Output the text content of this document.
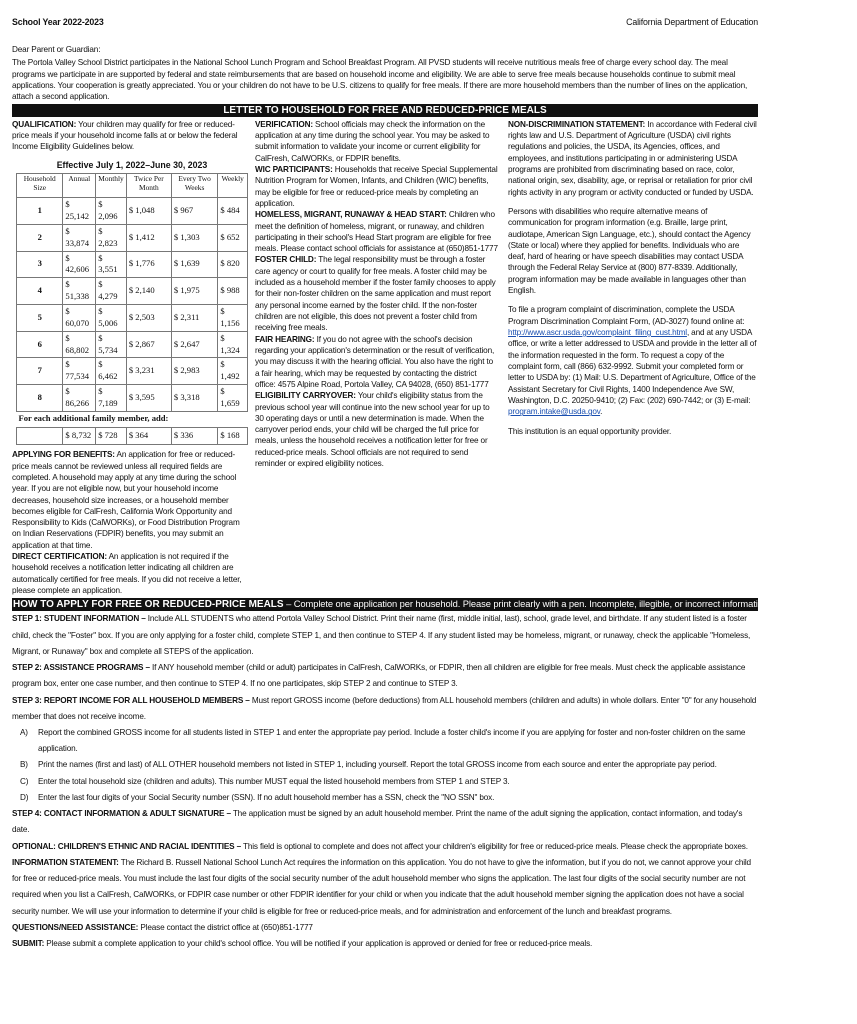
School Year 2022-2023	California Department of Education

Dear Parent or Guardian:

The Portola Valley School District participates in the National School Lunch Program and School Breakfast Program. All PVSD students will receive nutritious meals free of charge every school day. The meal programs we participate in are supported by federal and state reimbursements that are based on household income and eligibility. We are able to serve free meals because households continue to submit meal applications. Your cooperation is greatly appreciated. You or your children do not have to be U.S. citizens to qualify for free meals. If there are more household members than the number of lines on the application, attach a second application.

LETTER TO HOUSEHOLD FOR FREE AND REDUCED-PRICE MEALS

QUALIFICATION: Your children may qualify for free or reduced-price meals if your household income falls at or below the federal Income Eligibility Guidelines below.

Effective July 1, 2022–June 30, 2023					
Household Size	Annual	Monthly	Twice Per Month	Every Two Weeks	Weekly
1	$ 25,142	$ 2,096	$ 1,048	$ 967	$ 484
2	$ 33,874	$ 2,823	$ 1,412	$ 1,303	$ 652
3	$ 42,606	$ 3,551	$ 1,776	$ 1,639	$ 820
4	$ 51,338	$ 4,279	$ 2,140	$ 1,975	$ 988
5	$ 60,070	$ 5,006	$ 2,503	$ 2,311	$ 1,156
6	$ 68,802	$ 5,734	$ 2,867	$ 2,647	$ 1,324
7	$ 77,534	$ 6,462	$ 3,231	$ 2,983	$ 1,492
8	$ 86,266	$ 7,189	$ 3,595	$ 3,318	$ 1,659
For each additional family member, add:					
	$ 8,732	$ 728	$ 364	$ 336	$ 168

APPLYING FOR BENEFITS: An application for free or reduced-price meals cannot be reviewed unless all required fields are completed. A household may apply at any time during the school year. If you are not eligible now, but your household income decreases, household size increases, or a household member becomes eligible for CalFresh, California Work Opportunity and Responsibility to Kids (CalWORKs), or Food Distribution Program on Indian Reservations (FDPIR) benefits, you may submit an application at that time.

DIRECT CERTIFICATION: An application is not required if the household receives a notification letter indicating all children are automatically certified for free meals. If you did not receive a letter, please complete an application.

VERIFICATION: School officials may check the information on the application at any time during the school year. You may be asked to submit information to validate your income or current eligibility for CalFresh, CalWORKs, or FDPIR benefits.

WIC PARTICIPANTS: Households that receive Special Supplemental Nutrition Program for Women, Infants, and Children (WIC) benefits, may be eligible for free or reduced-price meals by completing an application.

HOMELESS, MIGRANT, RUNAWAY & HEAD START: Children who meet the definition of homeless, migrant, or runaway, and children participating in their school's Head Start program are eligible for free meals. Please contact school officials for assistance at (650)851-1777

FOSTER CHILD: The legal responsibility must be through a foster care agency or court to qualify for free meals. A foster child may be included as a household member if the foster family chooses to apply for their non-foster children on the same application and must report any personal income earned by the foster child. If the non-foster children are not eligible, this does not prevent a foster child from receiving free meals.

FAIR HEARING: If you do not agree with the school's decision regarding your application's determination or the result of verification, you may discuss it with the hearing official. You also have the right to a fair hearing, which may be requested by contacting the district office: 4575 Alpine Road, Portola Valley, CA 94028, (650) 851-1777

ELIGIBILITY CARRYOVER: Your child's eligibility status from the previous school year will continue into the new school year for up to 30 operating days or until a new determination is made. When the carryover period ends, your child will be charged the full price for meals, unless the household receives a notification letter for free or reduced-price meals. School officials are not required to send reminder or expired eligibility notices.

NON-DISCRIMINATION STATEMENT: In accordance with Federal civil rights law and U.S. Department of Agriculture (USDA) civil rights regulations and policies, the USDA, its Agencies, offices, and employees, and institutions participating in or administering USDA programs are prohibited from discriminating based on race, color, national origin, sex, disability, age, or reprisal or retaliation for prior civil rights activity in any program or activity conducted or funded by USDA.

Persons with disabilities who require alternative means of communication for program information (e.g. Braille, large print, audiotape, American Sign Language, etc.), should contact the Agency (State or local) where they applied for benefits. Individuals who are deaf, hard of hearing or have speech disabilities may contact USDA through the Federal Relay Service at (800) 877-8339. Additionally, program information may be made available in languages other than English.

To file a program complaint of discrimination, complete the USDA Program Discrimination Complaint Form, (AD-3027) found online at: http://www.ascr.usda.gov/complaint_filing_cust.html, and at any USDA office, or write a letter addressed to USDA and provide in the letter all of the information requested in the form. To request a copy of the complaint form, call (866) 632-9992. Submit your completed form or letter to USDA by: (1) Mail: U.S. Department of Agriculture, Office of the Assistant Secretary for Civil Rights, 1400 Independence Ave SW, Washington, D.C. 20250-9410; (2) Fax: (202) 690-7442; or (3) E-mail: program.intake@usda.gov.

This institution is an equal opportunity provider.

HOW TO APPLY FOR FREE OR REDUCED-PRICE MEALS – Complete one application per household. Please print clearly with a pen. Incomplete, illegible, or incorrect information will delay processing.

STEP 1: STUDENT INFORMATION – Include ALL STUDENTS who attend Portola Valley School District. Print their name (first, middle initial, last), school, grade level, and birthdate. If any student listed is a foster child, check the "Foster" box. If you are only applying for a foster child, complete STEP 1, and then continue to STEP 4. If any student listed may be homeless, migrant, or runaway, check the applicable "Homeless, Migrant, or Runaway" box and complete all STEPS of the application.

STEP 2: ASSISTANCE PROGRAMS – If ANY household member (child or adult) participates in CalFresh, CalWORKs, or FDPIR, then all children are eligible for free meals. Must check the applicable assistance program box, enter one case number, and then continue to STEP 4. If no one participates, skip STEP 2 and continue to STEP 3.

STEP 3: REPORT INCOME FOR ALL HOUSEHOLD MEMBERS – Must report GROSS income (before deductions) from ALL household members (children and adults) in whole dollars. Enter "0" for any household member that does not receive income.

A)	Report the combined GROSS income for all students listed in STEP 1 and enter the appropriate pay period. Include a foster child's income if you are applying for foster and non-foster children on the same application.
B)	Print the names (first and last) of ALL OTHER household members not listed in STEP 1, including yourself. Report the total GROSS income from each source and enter the appropriate pay period.
C)	Enter the total household size (children and adults). This number MUST equal the listed household members from STEP 1 and STEP 3.
D)	Enter the last four digits of your Social Security number (SSN). If no adult household member has a SSN, check the "NO SSN" box.

STEP 4: CONTACT INFORMATION & ADULT SIGNATURE – The application must be signed by an adult household member. Print the name of the adult signing the application, contact information, and today's date.

OPTIONAL: CHILDREN'S ETHNIC AND RACIAL IDENTITIES – This field is optional to complete and does not affect your children's eligibility for free or reduced-price meals. Please check the appropriate boxes.

INFORMATION STATEMENT: The Richard B. Russell National School Lunch Act requires the information on this application. You do not have to give the information, but if you do not, we cannot approve your child for free or reduced-price meals. You must include the last four digits of the social security number of the adult household member who signs the application. The last four digits of the social security number are not required when you list a CalFresh, CalWORKs, or FDPIR case number or other FDPIR identifier for your child or when you indicate that the adult household member signing the application does not have a social security number. We will use your information to determine if your child is eligible for free or reduced-price meals, and for administration and enforcement of the lunch and breakfast programs.

QUESTIONS/NEED ASSISTANCE: Please contact the district office at (650)851-1777

SUBMIT: Please submit a complete application to your child's school office. You will be notified if your application is approved or denied for free or reduced-price meals.
